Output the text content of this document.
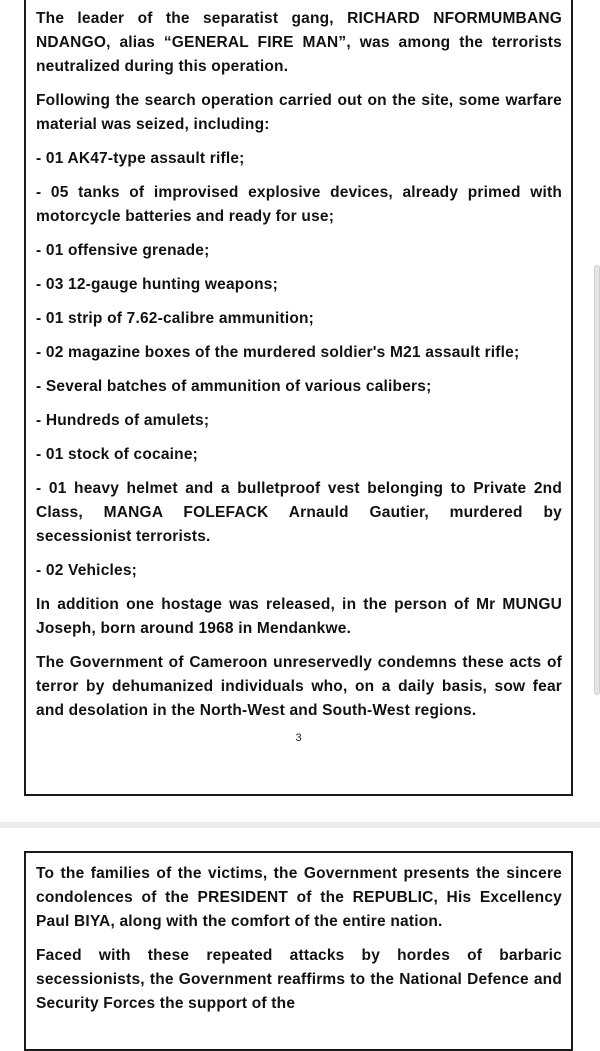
The leader of the separatist gang, RICHARD NFORMUMBANG NDANGO, alias “GENERAL FIRE MAN”, was among the terrorists neutralized during this operation.

Following the search operation carried out on the site, some warfare material was seized, including:

- 01 AK47-type assault rifle;

- 05 tanks of improvised explosive devices, already primed with motorcycle batteries and ready for use;

- 01 offensive grenade;

- 03 12-gauge hunting weapons;

- 01 strip of 7.62-calibre ammunition;

- 02 magazine boxes of the murdered soldier's M21 assault rifle;

- Several batches of ammunition of various calibers;

- Hundreds of amulets;

- 01 stock of cocaine;

- 01 heavy helmet and a bulletproof vest belonging to Private 2nd Class, MANGA FOLEFACK Arnauld Gautier, murdered by secessionist terrorists.

- 02 Vehicles;

In addition one hostage was released, in the person of Mr MUNGU Joseph, born around 1968 in Mendankwe.

The Government of Cameroon unreservedly condemns these acts of terror by dehumanized individuals who, on a daily basis, sow fear and desolation in the North-West and South-West regions.

3

To the families of the victims, the Government presents the sincere condolences of the PRESIDENT of the REPUBLIC, His Excellency Paul BIYA, along with the comfort of the entire nation.

Faced with these repeated attacks by hordes of barbaric secessionists, the Government reaffirms to the National Defence and Security Forces the support of the
